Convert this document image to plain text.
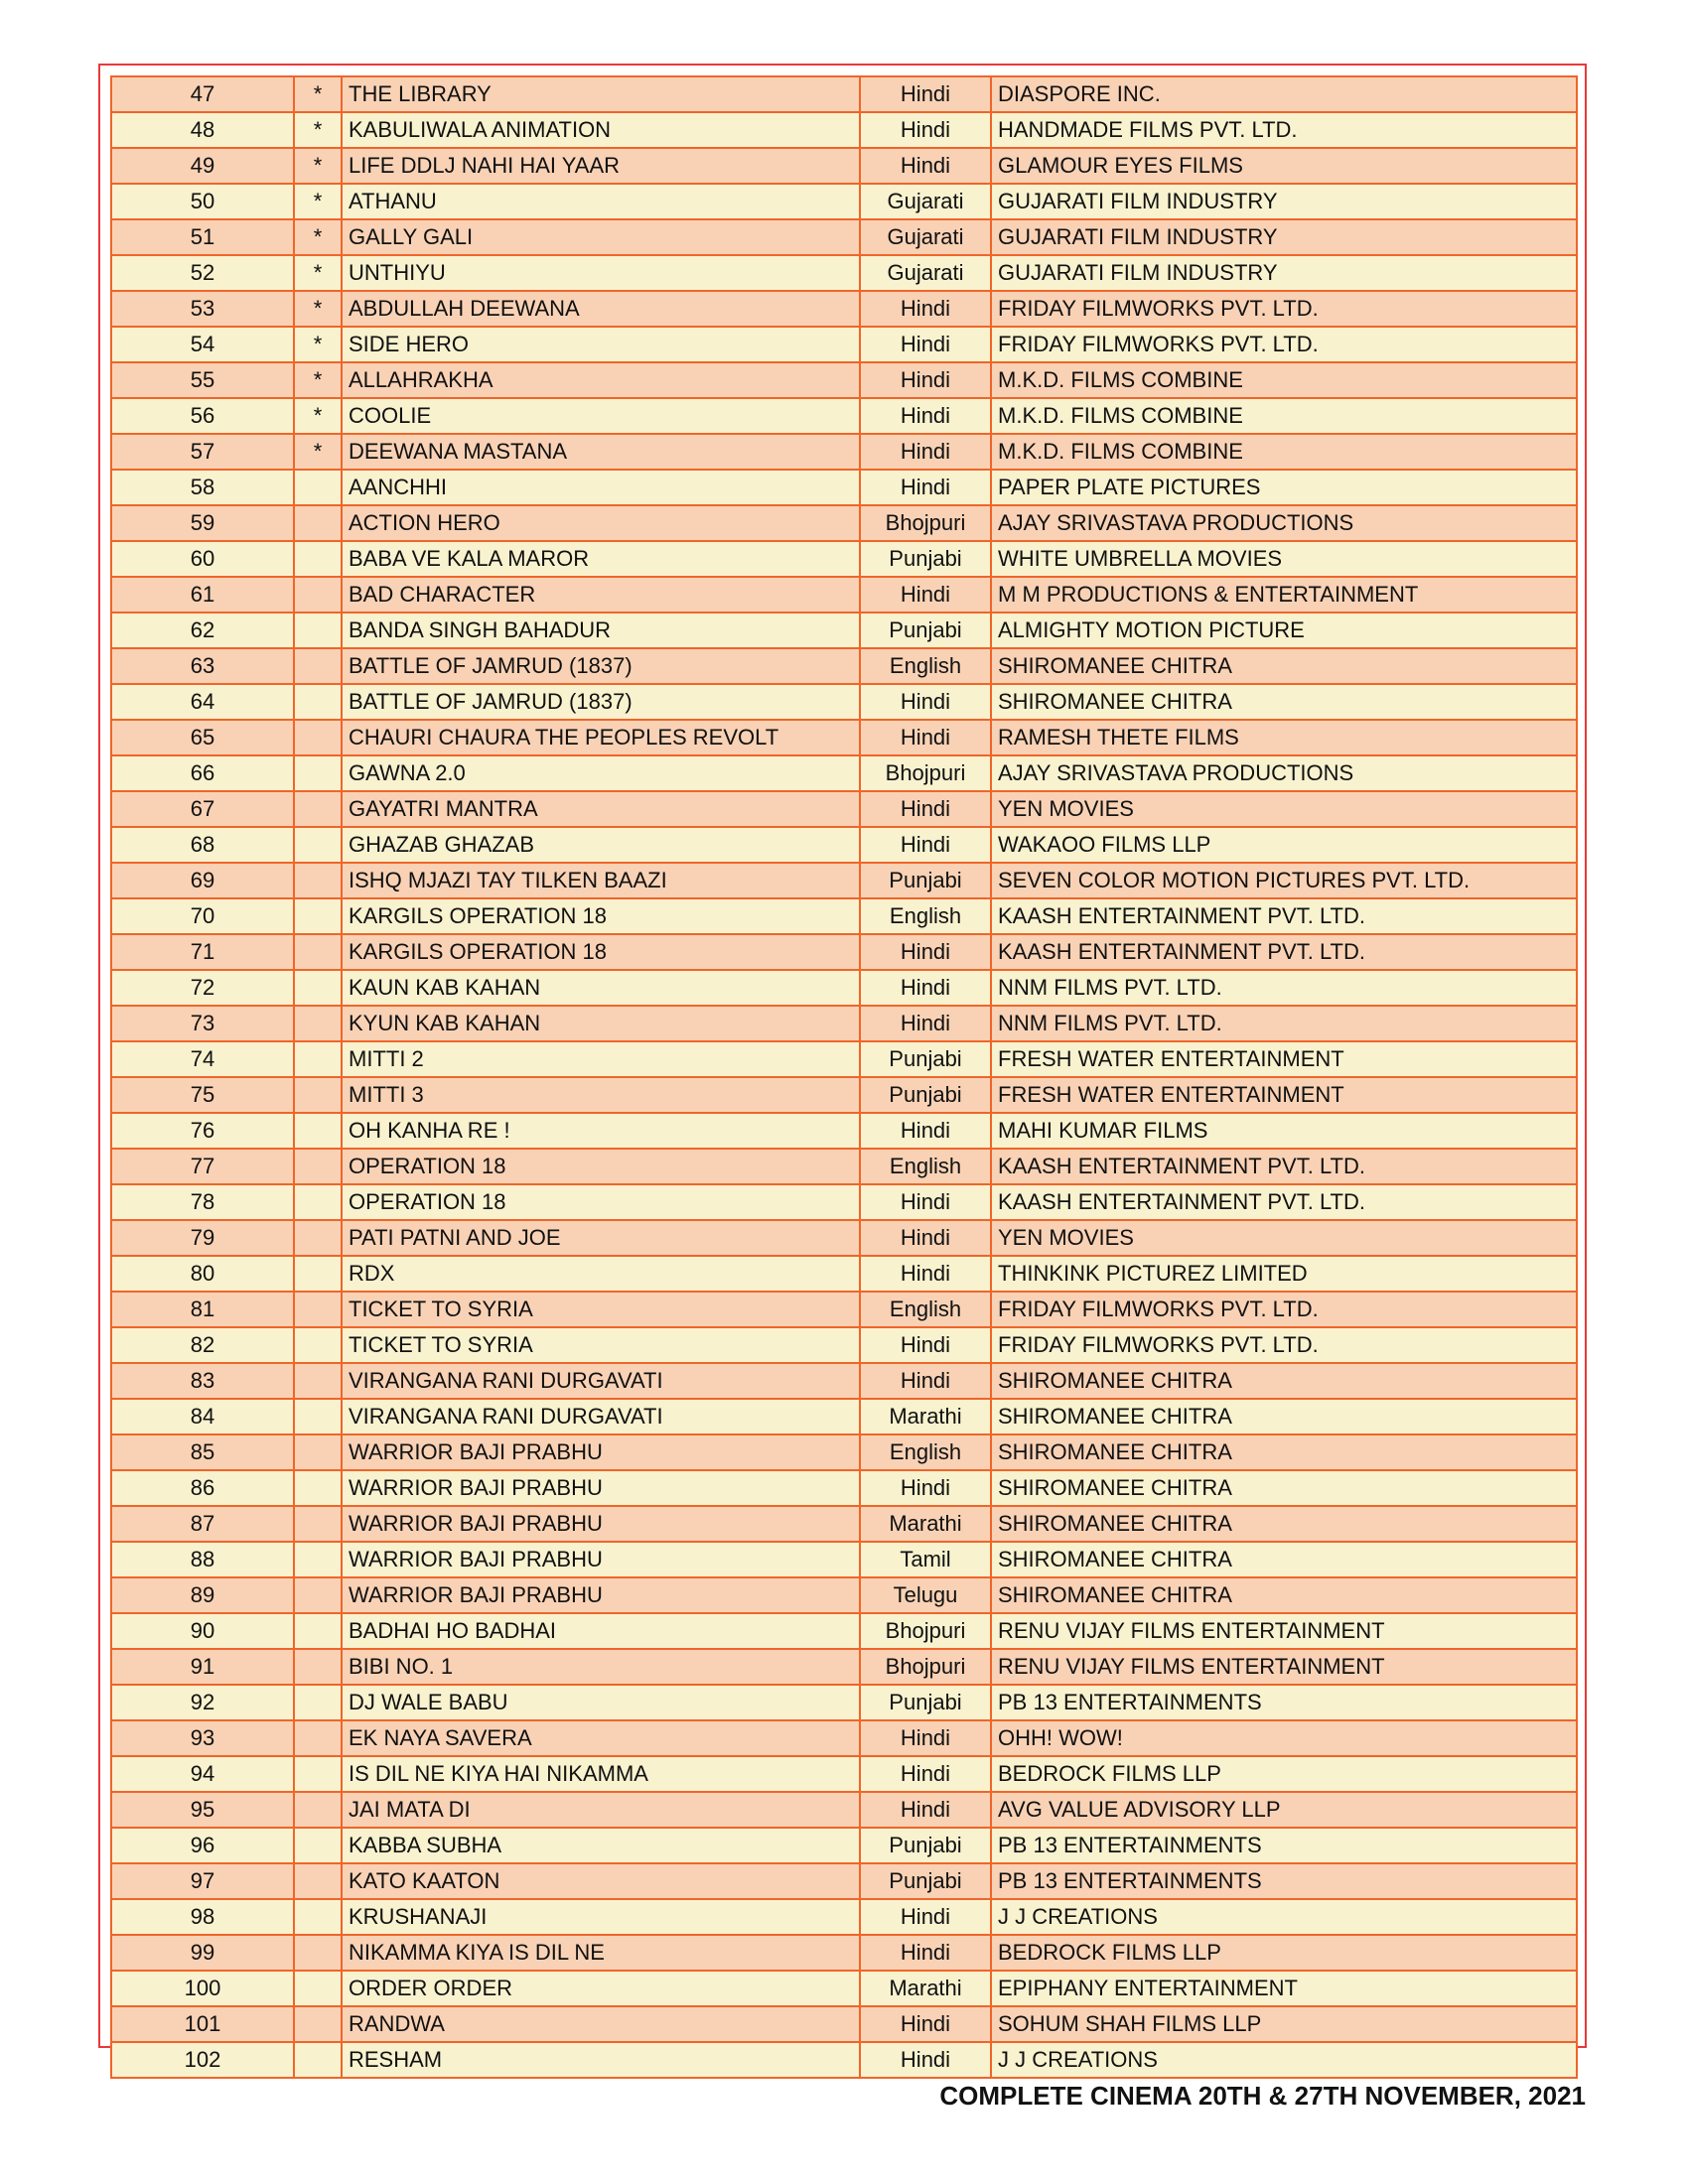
47	*	THE LIBRARY	Hindi	DIASPORE INC.
48	*	KABULIWALA ANIMATION	Hindi	HANDMADE FILMS PVT. LTD.
49	*	LIFE DDLJ NAHI HAI YAAR	Hindi	GLAMOUR EYES FILMS
50	*	ATHANU	Gujarati	GUJARATI FILM INDUSTRY
51	*	GALLY GALI	Gujarati	GUJARATI FILM INDUSTRY
52	*	UNTHIYU	Gujarati	GUJARATI FILM INDUSTRY
53	*	ABDULLAH DEEWANA	Hindi	FRIDAY FILMWORKS PVT. LTD.
54	*	SIDE HERO	Hindi	FRIDAY FILMWORKS PVT. LTD.
55	*	ALLAHRAKHA	Hindi	M.K.D. FILMS COMBINE
56	*	COOLIE	Hindi	M.K.D. FILMS COMBINE
57	*	DEEWANA MASTANA	Hindi	M.K.D. FILMS COMBINE
58		AANCHHI	Hindi	PAPER PLATE PICTURES
59		ACTION HERO	Bhojpuri	AJAY SRIVASTAVA PRODUCTIONS
60		BABA VE KALA MAROR	Punjabi	WHITE UMBRELLA MOVIES
61		BAD CHARACTER	Hindi	M M PRODUCTIONS & ENTERTAINMENT
62		BANDA SINGH BAHADUR	Punjabi	ALMIGHTY MOTION PICTURE
63		BATTLE OF JAMRUD (1837)	English	SHIROMANEE CHITRA
64		BATTLE OF JAMRUD (1837)	Hindi	SHIROMANEE CHITRA
65		CHAURI CHAURA THE PEOPLES REVOLT	Hindi	RAMESH THETE FILMS
66		GAWNA 2.0	Bhojpuri	AJAY SRIVASTAVA PRODUCTIONS
67		GAYATRI MANTRA	Hindi	YEN MOVIES
68		GHAZAB GHAZAB	Hindi	WAKAOO FILMS LLP
69		ISHQ MJAZI TAY TILKEN BAAZI	Punjabi	SEVEN COLOR MOTION PICTURES PVT. LTD.
70		KARGILS OPERATION 18	English	KAASH ENTERTAINMENT PVT. LTD.
71		KARGILS OPERATION 18	Hindi	KAASH ENTERTAINMENT PVT. LTD.
72		KAUN KAB KAHAN	Hindi	NNM FILMS PVT. LTD.
73		KYUN KAB KAHAN	Hindi	NNM FILMS PVT. LTD.
74		MITTI 2	Punjabi	FRESH WATER ENTERTAINMENT
75		MITTI 3	Punjabi	FRESH WATER ENTERTAINMENT
76		OH KANHA RE !	Hindi	MAHI KUMAR FILMS
77		OPERATION 18	English	KAASH ENTERTAINMENT PVT. LTD.
78		OPERATION 18	Hindi	KAASH ENTERTAINMENT PVT. LTD.
79		PATI PATNI AND JOE	Hindi	YEN MOVIES
80		RDX	Hindi	THINKINK PICTUREZ LIMITED
81		TICKET TO SYRIA	English	FRIDAY FILMWORKS PVT. LTD.
82		TICKET TO SYRIA	Hindi	FRIDAY FILMWORKS PVT. LTD.
83		VIRANGANA RANI DURGAVATI	Hindi	SHIROMANEE CHITRA
84		VIRANGANA RANI DURGAVATI	Marathi	SHIROMANEE CHITRA
85		WARRIOR BAJI PRABHU	English	SHIROMANEE CHITRA
86		WARRIOR BAJI PRABHU	Hindi	SHIROMANEE CHITRA
87		WARRIOR BAJI PRABHU	Marathi	SHIROMANEE CHITRA
88		WARRIOR BAJI PRABHU	Tamil	SHIROMANEE CHITRA
89		WARRIOR BAJI PRABHU	Telugu	SHIROMANEE CHITRA
90		BADHAI HO BADHAI	Bhojpuri	RENU VIJAY FILMS ENTERTAINMENT
91		BIBI NO. 1	Bhojpuri	RENU VIJAY FILMS ENTERTAINMENT
92		DJ WALE BABU	Punjabi	PB 13 ENTERTAINMENTS
93		EK NAYA SAVERA	Hindi	OHH! WOW!
94		IS DIL NE KIYA HAI NIKAMMA	Hindi	BEDROCK FILMS LLP
95		JAI MATA DI	Hindi	AVG VALUE ADVISORY LLP
96		KABBA SUBHA	Punjabi	PB 13 ENTERTAINMENTS
97		KATO KAATON	Punjabi	PB 13 ENTERTAINMENTS
98		KRUSHANAJI	Hindi	J J CREATIONS
99		NIKAMMA KIYA IS DIL NE	Hindi	BEDROCK FILMS LLP
100		ORDER ORDER	Marathi	EPIPHANY ENTERTAINMENT
101		RANDWA	Hindi	SOHUM SHAH FILMS LLP
102		RESHAM	Hindi	J J CREATIONS
COMPLETE CINEMA 20TH & 27TH NOVEMBER, 2021
